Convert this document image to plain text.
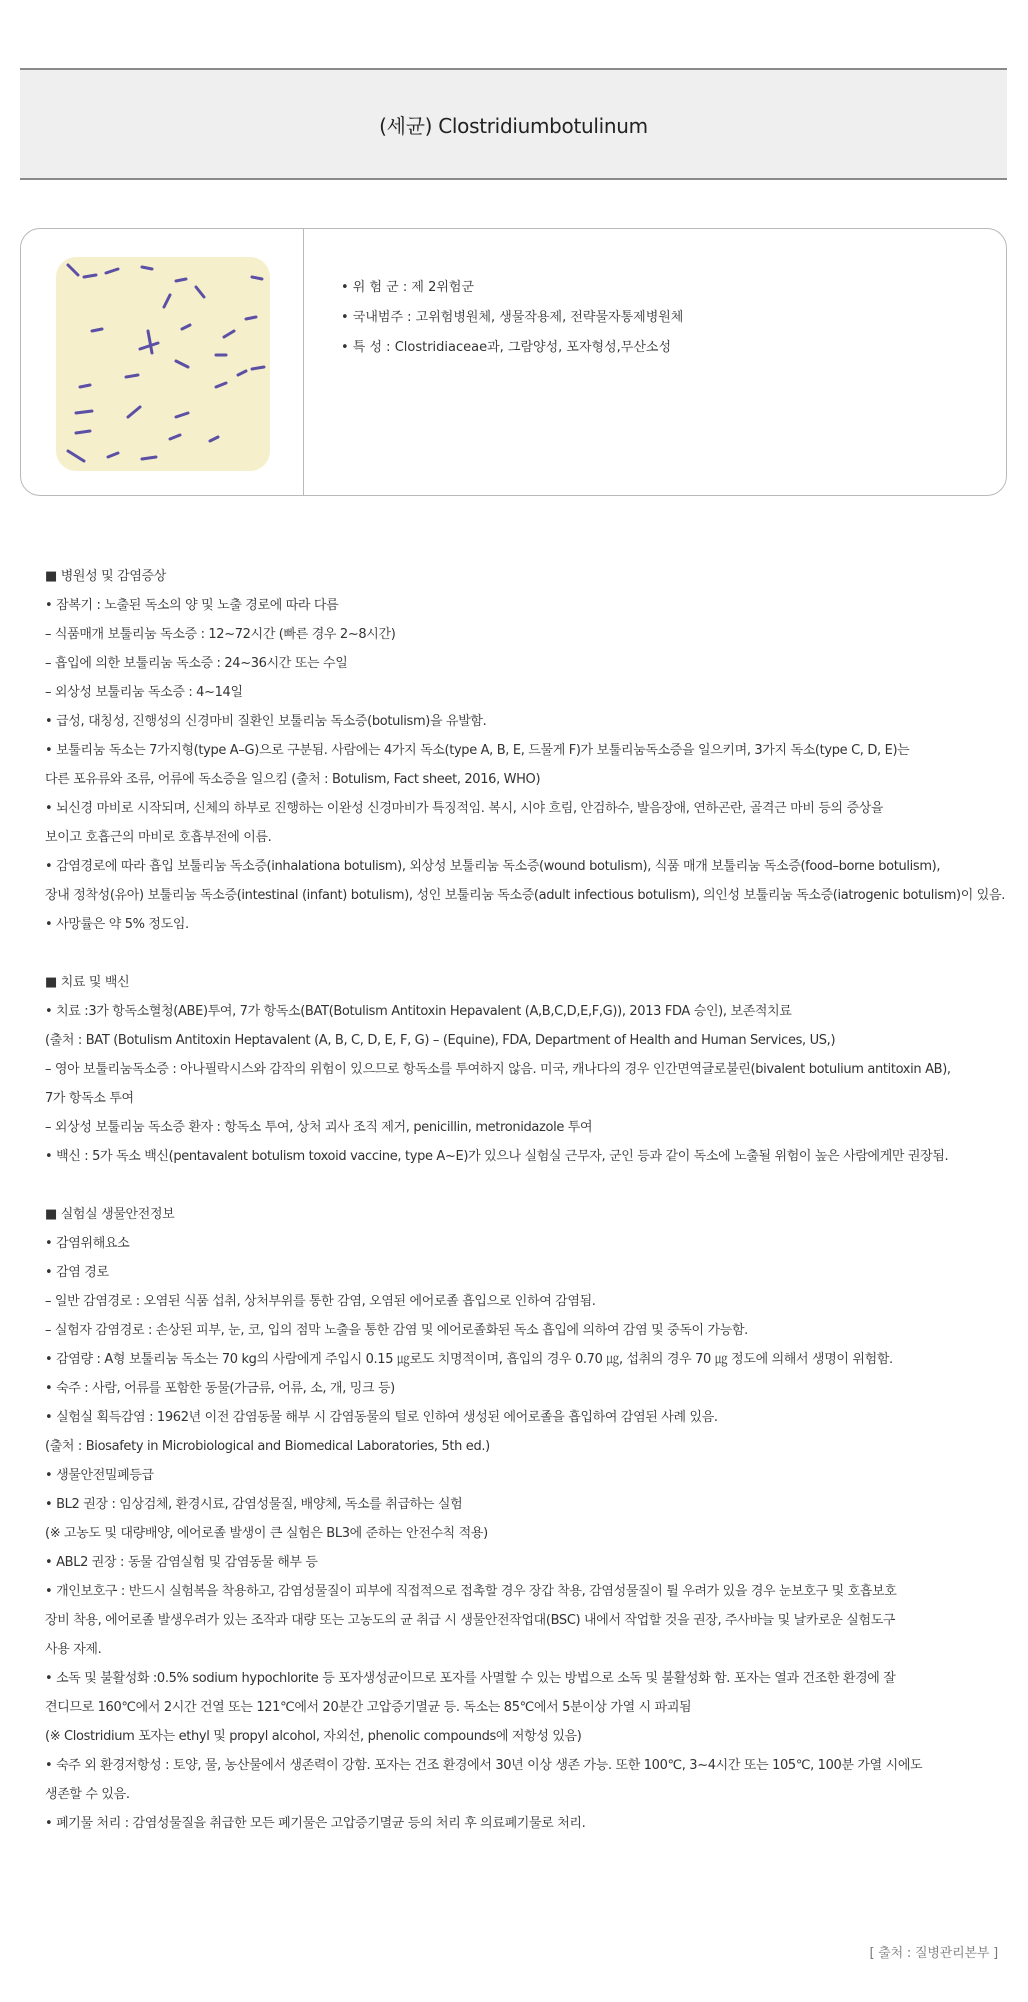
(세균) Clostridiumbotulinum
• 위 험 군 : 제 2위험군
• 국내범주 : 고위험병원체, 생물작용제, 전략물자통제병원체
• 특 성 : Clostridiaceae과, 그람양성, 포자형성,무산소성
■ 병원성 및 감염증상
• 잠복기 : 노출된 독소의 양 및 노출 경로에 따라 다름
– 식품매개 보툴리눔 독소증 : 12~72시간 (빠른 경우 2~8시간)
– 흡입에 의한 보툴리눔 독소증 : 24~36시간 또는 수일
– 외상성 보툴리눔 독소증 : 4~14일
• 급성, 대칭성, 진행성의 신경마비 질환인 보툴리눔 독소증(botulism)을 유발함.
• 보툴리눔 독소는 7가지형(type A–G)으로 구분됨. 사람에는 4가지 독소(type A, B, E, 드물게 F)가 보툴리눔독소증을 일으키며, 3가지 독소(type C, D, E)는
다른 포유류와 조류, 어류에 독소증을 일으킴 (출처 : Botulism, Fact sheet, 2016, WHO)
• 뇌신경 마비로 시작되며, 신체의 하부로 진행하는 이완성 신경마비가 특징적임. 복시, 시야 흐림, 안검하수, 발음장애, 연하곤란, 골격근 마비 등의 증상을
보이고 호흡근의 마비로 호흡부전에 이름.
• 감염경로에 따라 흡입 보툴리눔 독소증(inhalationa botulism), 외상성 보툴리눔 독소증(wound botulism), 식품 매개 보툴리눔 독소증(food–borne botulism),
장내 정착성(유아) 보툴리눔 독소증(intestinal (infant) botulism), 성인 보툴리눔 독소증(adult infectious botulism), 의인성 보툴리눔 독소증(iatrogenic botulism)이 있음.
• 사망률은 약 5% 정도임.
■ 치료 및 백신
• 치료 :3가 항독소혈청(ABE)투여, 7가 항독소(BAT(Botulism Antitoxin Hepavalent (A,B,C,D,E,F,G)), 2013 FDA 승인), 보존적치료
(출처 : BAT (Botulism Antitoxin Heptavalent (A, B, C, D, E, F, G) – (Equine), FDA, Department of Health and Human Services, US,)
– 영아 보툴리눔독소증 : 아나필락시스와 감작의 위험이 있으므로 항독소를 투여하지 않음. 미국, 캐나다의 경우 인간면역글로불린(bivalent botulium antitoxin AB),
7가 항독소 투여
– 외상성 보툴리눔 독소증 환자 : 항독소 투여, 상처 괴사 조직 제거, penicillin, metronidazole 투여
• 백신 : 5가 독소 백신(pentavalent botulism toxoid vaccine, type A~E)가 있으나 실험실 근무자, 군인 등과 같이 독소에 노출될 위험이 높은 사람에게만 권장됨.
■ 실험실 생물안전정보
• 감염위해요소
• 감염 경로
– 일반 감염경로 : 오염된 식품 섭취, 상처부위를 통한 감염, 오염된 에어로졸 흡입으로 인하여 감염됨.
– 실험자 감염경로 : 손상된 피부, 눈, 코, 입의 점막 노출을 통한 감염 및 에어로졸화된 독소 흡입에 의하여 감염 및 중독이 가능함.
• 감염량 : A형 보툴리눔 독소는 70 kg의 사람에게 주입시 0.15 ㎍로도 치명적이며, 흡입의 경우 0.70 ㎍, 섭취의 경우 70 ㎍ 정도에 의해서 생명이 위험함.
• 숙주 : 사람, 어류를 포함한 동물(가금류, 어류, 소, 개, 밍크 등)
• 실험실 획득감염 : 1962년 이전 감염동물 해부 시 감염동물의 털로 인하여 생성된 에어로졸을 흡입하여 감염된 사례 있음.
(출처 : Biosafety in Microbiological and Biomedical Laboratories, 5th ed.)
• 생물안전밀폐등급
• BL2 권장 : 임상검체, 환경시료, 감염성물질, 배양체, 독소를 취급하는 실험
(※ 고농도 및 대량배양, 에어로졸 발생이 큰 실험은 BL3에 준하는 안전수칙 적용)
• ABL2 권장 : 동물 감염실험 및 감염동물 해부 등
• 개인보호구 : 반드시 실험복을 착용하고, 감염성물질이 피부에 직접적으로 접촉할 경우 장갑 착용, 감염성물질이 튈 우려가 있을 경우 눈보호구 및 호흡보호
장비 착용, 에어로졸 발생우려가 있는 조작과 대량 또는 고농도의 균 취급 시 생물안전작업대(BSC) 내에서 작업할 것을 권장, 주사바늘 및 날카로운 실험도구
사용 자제.
• 소독 및 불활성화 :0.5% sodium hypochlorite 등 포자생성균이므로 포자를 사멸할 수 있는 방법으로 소독 및 불활성화 함. 포자는 열과 건조한 환경에 잘
견디므로 160℃에서 2시간 건열 또는 121℃에서 20분간 고압증기멸균 등. 독소는 85℃에서 5분이상 가열 시 파괴됨
(※ Clostridium 포자는 ethyl 및 propyl alcohol, 자외선, phenolic compounds에 저항성 있음)
• 숙주 외 환경저항성 : 토양, 물, 농산물에서 생존력이 강함. 포자는 건조 환경에서 30년 이상 생존 가능. 또한 100℃, 3~4시간 또는 105℃, 100분 가열 시에도
생존할 수 있음.
• 폐기물 처리 : 감염성물질을 취급한 모든 폐기물은 고압증기멸균 등의 처리 후 의료폐기물로 처리.
[ 출처 : 질병관리본부 ]
